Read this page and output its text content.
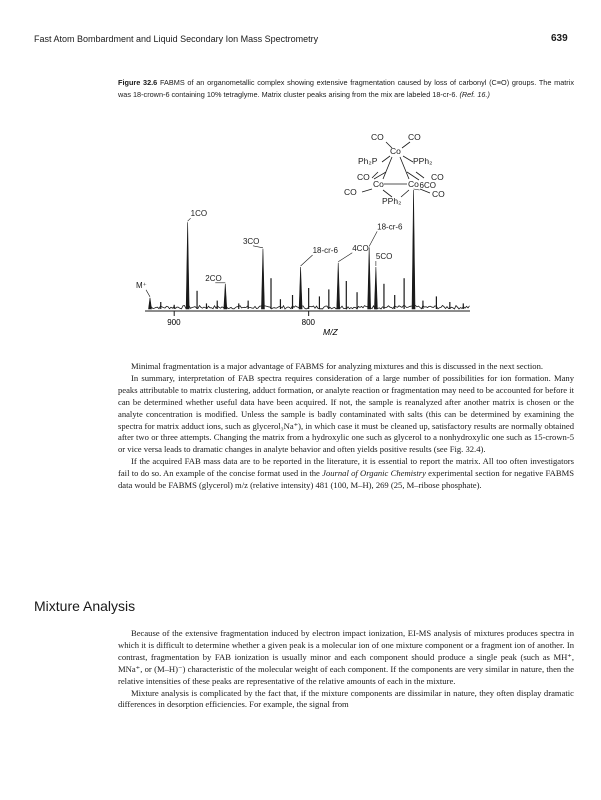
Fast Atom Bombardment and Liquid Secondary Ion Mass Spectrometry	639
Figure 32.6 FABMS of an organometallic complex showing extensive fragmentation caused by loss of carbonyl (C≡O) groups. The matrix was 18-crown-6 containing 10% tetraglyme. Matrix cluster peaks arising from the mix are labeled 18-cr-6. (Ref. 16.)
CO	CO
Co
Ph₂P	PPh₂
CO	CO
Co	Co
CO	CO
PPh₂
900	800
M/Z
M⁺
1CO
2CO
3CO
18-cr-6 4CO
18-cr-6
5CO
6CO

Minimal fragmentation is a major advantage of FABMS for analyzing mixtures and this is discussed in the next section.

In summary, interpretation of FAB spectra requires consideration of a large number of possibilities for ion formation. Many peaks attributable to matrix clustering, adduct formation, or analyte reaction or fragmentation may need to be accounted for before it can be determined whether useful data have been acquired. If not, the sample is reanalyzed after another matrix is chosen or the analyte concentration is modified. Unless the sample is badly contaminated with salts (this can be determined by examining the spectra for matrix adduct ions, such as glycerol₃Na⁺), in which case it must be cleaned up, satisfactory results are normally obtained after two or three attempts. Changing the matrix from a hydroxylic one such as glycerol to a nonhydroxylic one such as 15-crown-5 or vice versa leads to dramatic changes in analyte behavior and often yields positive results (see Fig. 32.4).

If the acquired FAB mass data are to be reported in the literature, it is essential to report the matrix. All too often investigators fail to do so. An example of the concise format used in the Journal of Organic Chemistry experimental section for negative FABMS data would be FABMS (glycerol) m/z (relative intensity) 481 (100, M–H), 269 (25, M–ribose phosphate).

Mixture Analysis

Because of the extensive fragmentation induced by electron impact ionization, EI-MS analysis of mixtures produces spectra in which it is difficult to determine whether a given peak is a molecular ion of one mixture component or a fragment ion of another. In contrast, fragmentation by FAB ionization is usually minor and each component should produce a single peak (such as MH⁺, MNa⁺, or (M–H)⁻) characteristic of the molecular weight of each component. If the components are very similar in nature, then the relative intensities of these peaks are representative of the relative amounts of each in the mixture.

Mixture analysis is complicated by the fact that, if the mixture components are dissimilar in nature, they often display dramatic differences in desorption efficiencies. For example, the signal from
